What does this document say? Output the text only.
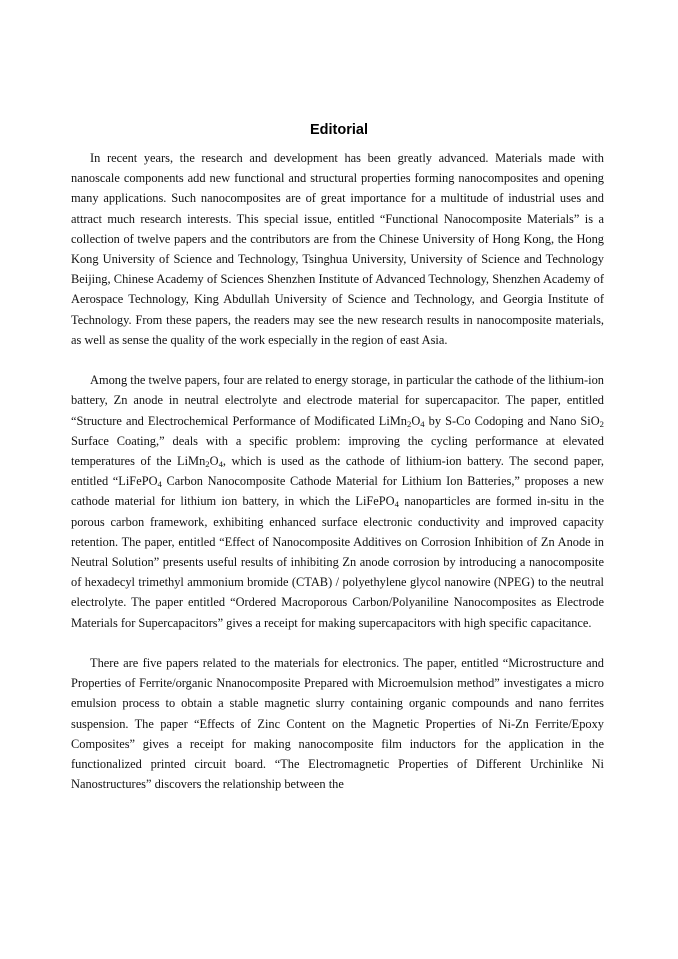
Editorial

In recent years, the research and development has been greatly advanced. Materials made with nanoscale components add new functional and structural properties forming nanocomposites and opening many applications. Such nanocomposites are of great importance for a multitude of industrial uses and attract much research interests. This special issue, entitled “Functional Nanocomposite Materials” is a collection of twelve papers and the contributors are from the Chinese University of Hong Kong, the Hong Kong University of Science and Technology, Tsinghua University, University of Science and Technology Beijing, Chinese Academy of Sciences Shenzhen Institute of Advanced Technology, Shenzhen Academy of Aerospace Technology, King Abdullah University of Science and Technology, and Georgia Institute of Technology. From these papers, the readers may see the new research results in nanocomposite materials, as well as sense the quality of the work especially in the region of east Asia.

Among the twelve papers, four are related to energy storage, in particular the cathode of the lithium-ion battery, Zn anode in neutral electrolyte and electrode material for supercapacitor. The paper, entitled “Structure and Electrochemical Performance of Modificated $LiMn_2O_4$ by S-Co Codoping and Nano SiO$_2$ Surface Coating,” deals with a specific problem: improving the cycling performance at elevated temperatures of the $LiMn_2O_4$, which is used as the cathode of lithium-ion battery. The second paper, entitled “LiFePO$_4$ Carbon Nanocomposite Cathode Material for Lithium Ion Batteries,” proposes a new cathode material for lithium ion battery, in which the LiFePO$_4$ nanoparticles are formed in-situ in the porous carbon framework, exhibiting enhanced surface electronic conductivity and improved capacity retention. The paper, entitled “Effect of Nanocomposite Additives on Corrosion Inhibition of Zn Anode in Neutral Solution” presents useful results of inhibiting Zn anode corrosion by introducing a nanocomposite of hexadecyl trimethyl ammonium bromide (CTAB) / polyethylene glycol nanowire (NPEG) to the neutral electrolyte. The paper entitled “Ordered Macroporous Carbon/Polyaniline Nanocomposites as Electrode Materials for Supercapacitors” gives a receipt for making supercapacitors with high specific capacitance.

There are five papers related to the materials for electronics. The paper, entitled “Microstructure and Properties of Ferrite/organic Nnanocomposite Prepared with Microemulsion method” investigates a micro emulsion process to obtain a stable magnetic slurry containing organic compounds and nano ferrites suspension. The paper “Effects of Zinc Content on the Magnetic Properties of Ni-Zn Ferrite/Epoxy Composites” gives a receipt for making nanocomposite film inductors for the application in the functionalized printed circuit board. “The Electromagnetic Properties of Different Urchinlike Ni Nanostructures” discovers the relationship between the
